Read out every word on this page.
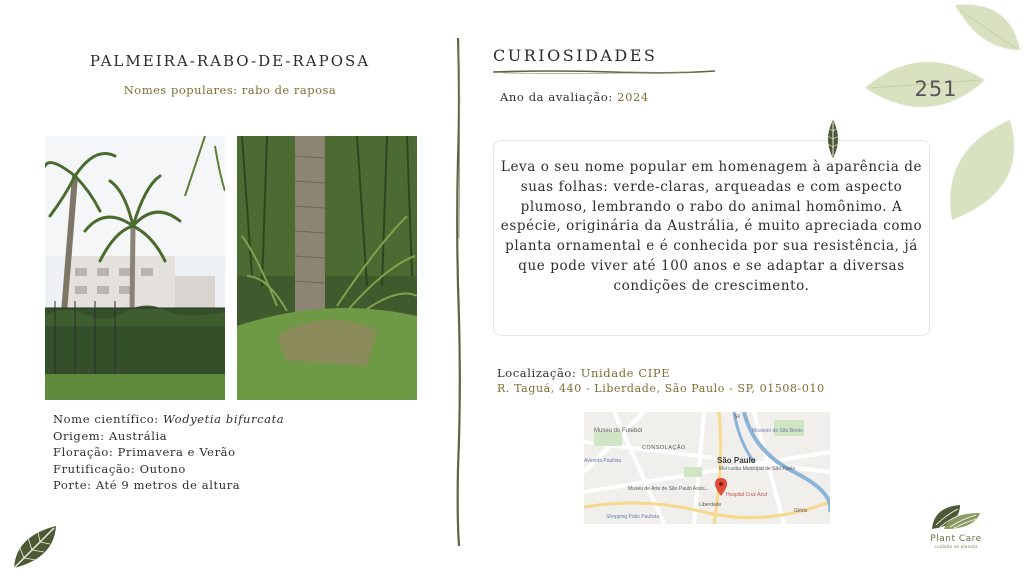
PALMEIRA-RABO-DE-RAPOSA
Nomes populares: rabo de raposa
Nome científico: Wodyetia bifurcata
Origem: Austrália
Floração: Primavera e Verão
Frutificação: Outono
Porte: Até 9 metros de altura
CURIOSIDADES
Ano da avaliação: 2024
Leva o seu nome popular em homenagem à aparência de suas folhas: verde-claras, arqueadas e com aspecto plumoso, lembrando o rabo do animal homônimo. A espécie, originária da Austrália, é muito apreciada como planta ornamental e é conhecida por sua resistência, já que pode viver até 100 anos e se adaptar a diversas condições de crescimento.
Localização: Unidade CIPE
R. Taguá, 440 - Liberdade, São Paulo - SP, 01508-010
Museu do Futebol
CONSOLAÇÃO
São Paulo
Museu de Arte de São Paulo Assis...
Liberdade
Hospital Cruz Azul
Shopping Pátio Paulista
Sé
Mosteiro de São Bento
Mercadão Municipal de São Paulo
Avenida Paulista
Glória
251
Plant Care
cuidado ao planeta
